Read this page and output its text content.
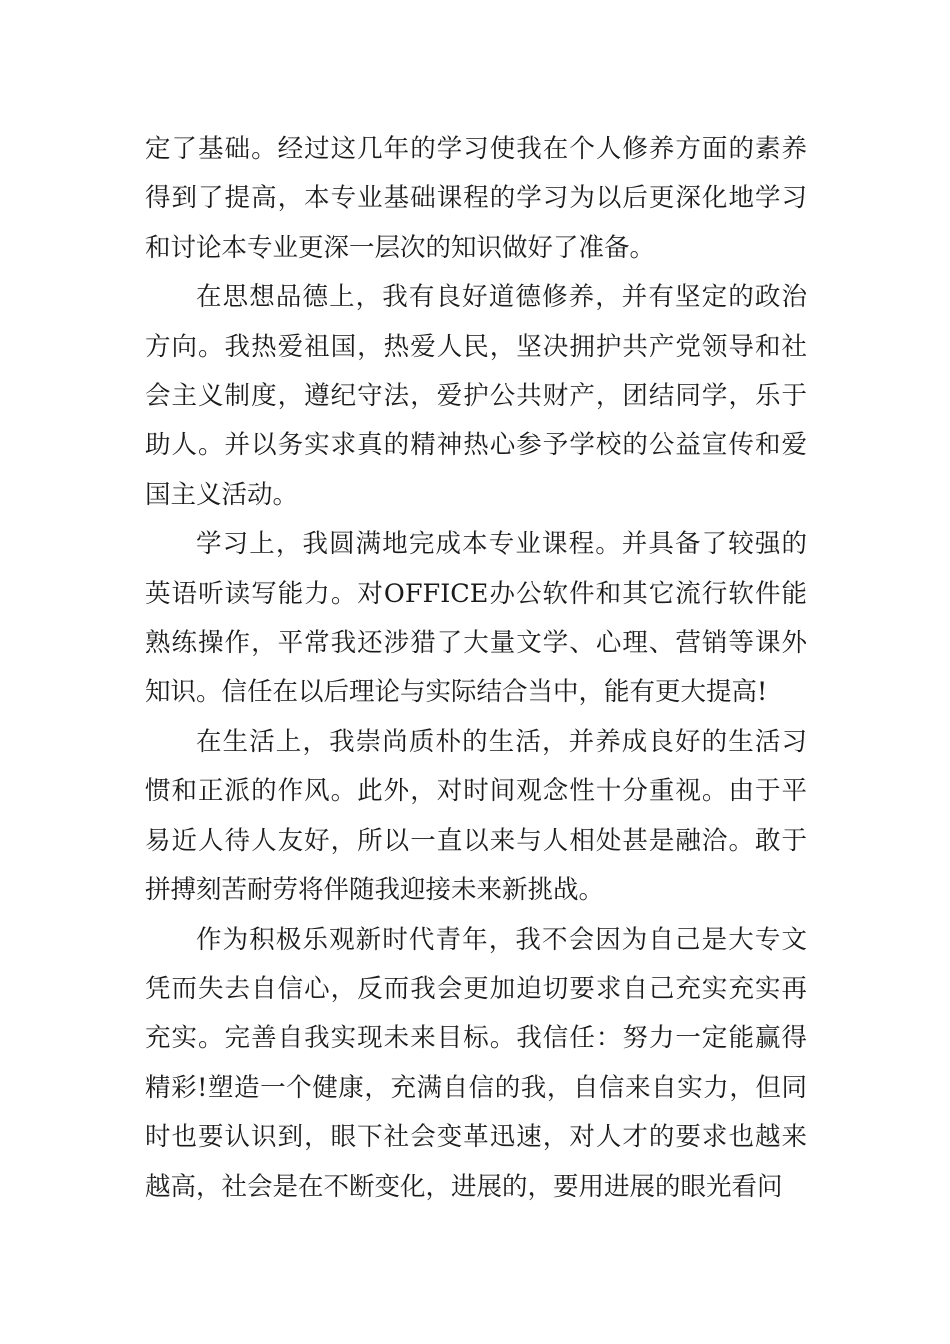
定了基础。经过这几年的学习使我在个人修养方面的素养得到了提高，本专业基础课程的学习为以后更深化地学习和讨论本专业更深一层次的知识做好了准备。

在思想品德上，我有良好道德修养，并有坚定的政治方向。我热爱祖国，热爱人民，坚决拥护共产党领导和社会主义制度，遵纪守法，爱护公共财产，团结同学，乐于助人。并以务实求真的精神热心参予学校的公益宣传和爱国主义活动。

学习上，我圆满地完成本专业课程。并具备了较强的英语听读写能力。对OFFICE办公软件和其它流行软件能熟练操作，平常我还涉猎了大量文学、心理、营销等课外知识。信任在以后理论与实际结合当中，能有更大提高!

在生活上，我崇尚质朴的生活，并养成良好的生活习惯和正派的作风。此外，对时间观念性十分重视。由于平易近人待人友好，所以一直以来与人相处甚是融洽。敢于拼搏刻苦耐劳将伴随我迎接未来新挑战。

作为积极乐观新时代青年，我不会因为自己是大专文凭而失去自信心，反而我会更加迫切要求自己充实充实再充实。完善自我实现未来目标。我信任：努力一定能赢得精彩!塑造一个健康，充满自信的我，自信来自实力，但同时也要认识到，眼下社会变革迅速，对人才的要求也越来越高，社会是在不断变化，进展的，要用进展的眼光看问
